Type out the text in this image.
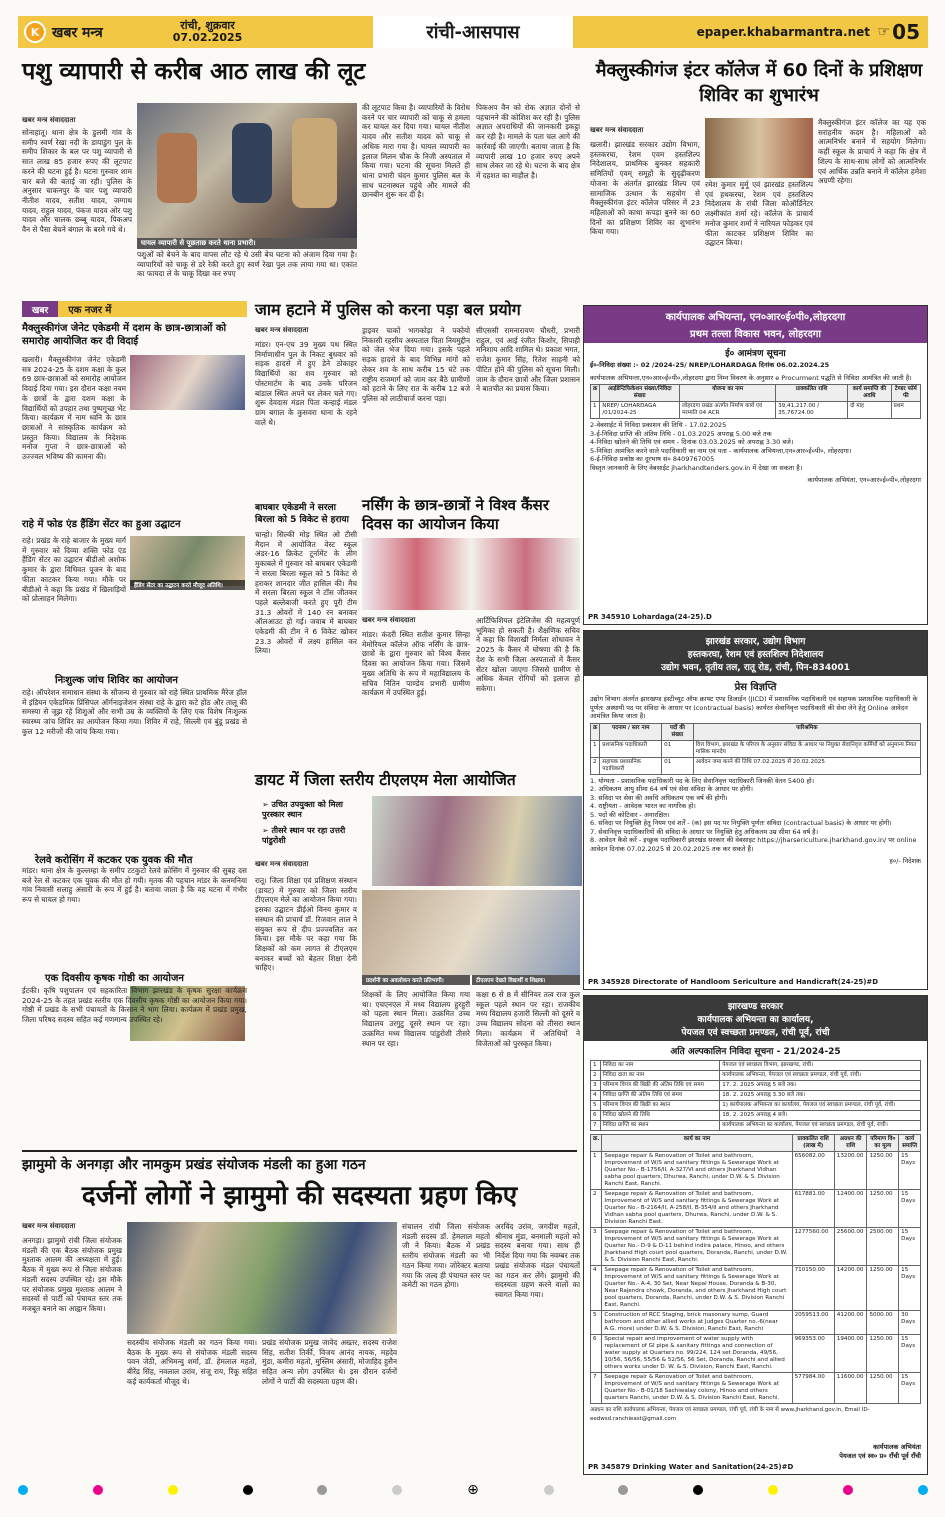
K खबर मन्त्र	रांची, शुक्रवार
07.02.2025	रांची-आसपास	epaper.khabarmantra.net ☞ 05
पशु व्यापारी से करीब आठ लाख की लूट
खबर मन्त्र संवाददाता
सोनाहातू। थाना क्षेत्र के डुलमी गांव के समीप स्वर्ण रेखा नदी के डायाडुंग पुल के समीप शिकार के बल पर पशु व्यापारी से सात लाख 85 हजार रुपए की लूटपाट करने की घटना हुई है। घटना गुरुवार शाम चार बजे की बताई जा रही। पुलिस के अनुसार चाकनपुर के चार पशु व्यापारी नीतीश यादव, सतीश यादव, जग्गाथ यादव, राहुल यादव, पंकज यादव ओर पशु यादव और चालक छब्बू यादव, पिकअप वैन से पैसा बेचने बंगाल के बरमे गये थे।
घायल व्यापारी से पूछताछ करते थाना प्रभारी।
पशुओं को बेचने के बाद वापस लौट रहे थे उसी बेच घटना को अंजाम दिया गया है। व्यापारियों को चाकू से डरे रेकी करते हुए स्वर्ण रेखा पुल तक लाया गया था। एकांत का फायदा ले के चाकू दिखा कर रुपए
की लूटपाट किया है। व्यापारियों के विरोध करने पर चार व्यापारी को चाकू से हमला कर घायल कर दिया गया। घायल नीतीश यादव और सतीश यादव को चाकू से अधिक मारा गया है। घायल व्यापारी का इलाज मिलन चौक के निजी अस्पताल में किया गया। घटना की सूचना मिलते ही थाना प्रभारी चंदन कुमार पुलिस बल के साथ घटनास्थल पहुंचे और मामले की छानबीन शुरू कर दी है।
पिकअप वैन को रोक अज्ञात दोनों से पहचानने की कोशिश कर रही है। पुलिस अज्ञात अपराधियों की जानकारी इकट्ठा कर रही है। मामले के पता चल आगे की कार्रवाई की जाएगी। बताया जाता है कि व्यापारी लाख 10 हजार रुपए अपने साथ लेकर जा रहे थे। घटना के बाद क्षेत्र में दहशत का माहौल है।
मैक्लुस्कीगंज इंटर कॉलेज में 60 दिनों के प्रशिक्षण शिविर का शुभारंभ
खबर मन्त्र संवाददाता
खलारी। झारखंड सरकार उद्योग विभाग, हस्तकरघा, रेशम एवम हस्तशिल्प निदेशालय, प्राथमिक बुनकर सहकारी समितियों एवम् समूहों के सुदृढ़ीकरण योजना के अंतर्गत झारखंड शिल्प एवं सामाजिक उत्थान के सहयोग से मैक्लुस्कीगंज इंटर कॉलेज परिसर में 23 महिलाओं को काथा कपड़ा बुनने का 60 दिनों का प्रशिक्षण शिविर का शुभारंभ किया गया।
रमेश कुमार मुर्मू एवं झारखंड हस्तशिल्प एवं हथकरघा, रेशम एवं हस्तशिल्प निदेशालय के रांची जिला कोऑर्डिनेटर लक्ष्मीकांत शर्मा रहे। कॉलेज के प्राचार्य मनोज कुमार शर्मा ने नारियल फोड़कर एवं फीता काटकर प्रशिक्षण शिविर का उद्घाटन किया।
मैक्लुस्कीगंज इंटर कॉलेज का यह एक सराहनीय कदम है। महिलाओं को आत्मनिर्भर बनाने में सहयोग मिलेगा। कहीं स्कूल के प्राचार्य ने कहा कि क्षेत्र में शिल्प के साथ-साथ लोगों को आत्मनिर्भर एवं आर्थिक उन्नति बनाने में कॉलेज हमेशा अग्रणी रहेगा।
खबर	एक नजर में
मैक्लुस्कीगंज जेनेट एकेडमी में दशम के छात्र-छात्राओं को समारोह आयोजित कर दी विदाई
खलारी। मैक्लुस्कीगंज जेनेट एकेडमी सत्र 2024-25 के दशम कक्षा के कुल 69 छात्र-छात्राओं को समारोह आयोजन विदाई दिया गया। इस दौरान कक्षा नवम के छात्रों के द्वारा दशम कक्षा के विद्यार्थियों को उपहार तथा पुष्पगुच्छ भेंट किया। कार्यक्रम में नाम ध्वनि के छात्र छात्राओं ने सांस्कृतिक कार्यक्रम को प्रस्तुत किया। विद्यालय के निदेशक मनोज गुप्ता ने छात्र-छात्राओं को उज्ज्वल भविष्य की कामना की।
राहे में फोड एंड हैंडिंग सेंटर का हुआ उद्घाटन
हैंडिंग सेंटर का उद्घाटन करते मौजूद अतिथि।
राहे। प्रखंड के राहे बाजार के मुख्य मार्ग में गुरुवार को दिव्या शक्ति फोड एंड हैंडिंग सेंटर का उद्घाटन बीडीओ अशोक कुमार के द्वारा विधिवत पूजन के बाद फीता काटकर किया गया। मौके पर बीडीओ ने कहा कि प्रखंड में खिलाड़ियों को प्रोत्साहन मिलेगा।
निःशुल्क जांच शिविर का आयोजन
राहे। ऑपरेशन समाधान संस्था के सौजन्य से गुरुवार को राहे स्थित प्राथमिक मैरेज हॉल में इंडियन एकेडमिक प्रिंसिपल ऑर्गनाइजेशन संस्था राहे के द्वारा कटे होंठ और तालू की समस्या से जूझ रहे शिशुओं और सभी उम्र के व्यक्तियों के लिए एक विशेष निःशुल्क स्वास्थ्य जांच शिविर का आयोजन किया गया। शिविर में राहे, सिल्ली एवं बुंडू प्रखंड से कुल 12 मरीजों की जांच किया गया।
रेलवे करोसिंग में कटकर एक युवक की मौत
मांडर। थाना क्षेत्र के कुल्लम्हा के समीप टटकुटो रेलवे क्रोसिंग में गुरुवार की सुबह दस बजे रेल से कटकर एक युवक की मौत हो गयी। मृतक की पहचान मांडर के कनमनिया गांव निवासी सलाहु अंसारी के रूप में हुई है। बताया जाता है कि वह घटना में गंभीर रूप से घायल हो गया।
एक दिवसीय कृषक गोष्ठी का आयोजन
ईटकी। कृषि पशुपालन एवं सहकारिता विभाग झारखंड के कृषक सुरक्षा कार्यक्रम 2024-25 के तहत प्रखंड स्तरीय एक दिवसीय कृषक गोष्ठी का आयोजन किया गया। गोष्ठी में प्रखंड के सभी पंचायतों के किसान ने भाग लिया। कार्यक्रम में प्रखंड प्रमुख, जिला परिषद सदस्य सहित कई गणमान्य उपस्थित रहे।
जाम हटाने में पुलिस को करना पड़ा बल प्रयोग
खबर मन्त्र संवाददाता
मांडर। एन-एच 39 मुख्य पथ स्थित निर्माणाधीन पुल के निकट बुधवार को सड़क हादसे में हुए डेने ठोकाहर विद्यार्थियों का शव गुरुवार को पोस्टमार्टम के बाद उनके परिजन बांडाल स्थित अपने घर लेकर चले गए। शुरू देवदास मंडल पिता कन्हाई मंडल ग्राम बगाल के कुसवरा थाना के रहने वाले थे।
ड्राइवर चाकों भागकोड़ा ने पकोयो निकासी रहसीय अस्पताल पिता नियमुद्दीन को जेल भेज दिया गया। इसके पहले सड़क हादसे के बाद विभिन्न मांगों को लेकर शव के साथ करीब 15 घंटे तक राष्ट्रीय राजमार्ग को जाम कर बैठे ग्रामीणों को हटाने के लिए रात के करीब 12 बजे पुलिस को लाठीचार्ज करना पड़ा।
सीएससी रामनारायण चौधरी, प्रभारी राहुल, एवं आई रंजीत किशोर, सिपाही मनिशाय आदि शामिल थे। प्रकाश भगत, राजेश कुमार सिंह, रितेश साहनी को पीटित होने की पुलिस को सूचना मिली। जाम के दौरान छात्रों और जिला प्रशासन ने बातचीत का प्रयास किया।
बाघबार एकेडमी ने सरला बिरला को 5 विकेट से हराया
चान्हो। सिल्की मोड़ स्थित ओ टीसी मैदान में आयोजित वेस्ट स्कूल अंडर-16 क्रिकेट टूर्नामेंट के लीग मुकाबले में गुरुवार को बाघबार एकेडमी ने सरला बिरला स्कूल को 5 विकेट से हराकर शानदार जीत हासिल की। मैच में सरला बिरला स्कूल ने टॉस जीतकर पहले बल्लेबाजी करते हुए पूरी टीम 31.3 ओवरों में 140 रन बनाकर ऑलआउट हो गई। जवाब में बाघबार एकेडमी की टीम ने 6 विकेट खोकर 23.3 ओवरों में लक्ष्य हासिल कर लिया।
नर्सिंग के छात्र-छात्रों ने विश्व कैंसर दिवस का आयोजन किया
खबर मन्त्र संवाददाता
मांडर। कंदरी स्थित सतीश कुमार सिन्हा मेमोरियल कॉलेज ऑफ नर्सिंग के छात्र-छात्रों के द्वारा गुरुवार को विश्व कैंसर दिवस का आयोजन किया गया। जिसमें मुख्य अतिथि के रूप में महाविद्यालय के सचिव नितिन पाण्डेय प्रभारी ग्रामीण कार्यक्रम में उपस्थित हुई।
आर्टिफिशियल इंटेलिजेंस की महत्वपूर्ण भूमिका हो सकती है। शैक्षणिक सचिव ने कहा कि विशाखी निर्मला शोधावन ने 2025 के कैंसर में घोषणा की है कि देश के सभी जिला अस्पतालों में कैंसर सेंटर खोला जाएगा जिससे ग्रामीण से अधिक केवल रोगियों को इलाज हो सकेगा।
डायट में जिला स्तरीय टीएलएम मेला आयोजित
➢ उचित उपयुक्ता को मिला पुरस्कार स्थान
➢ तीसरे स्थान पर रहा उत्तरी पांडुरोशी
खबर मन्त्र संवाददाता
रातू। जिला शिक्षा एवं प्रशिक्षण संस्थान (डायट) में गुरुवार को जिला स्तरीय टीएलएम मेले का आयोजन किया गया। इसका उद्घाटन डीईओ विनय कुमार व संस्थान की प्राचार्य डॉ. रिजवान लाल ने संयुक्त रूप से दीप प्रज्ज्वलित कर किया। इस मौके पर कहा गया कि शिक्षकों को कम लागत से टीएलएम बनाकर बच्चों को बेहतर शिक्षा देनी चाहिए।
प्रदर्शनी का अवलोकन करते प्रतिभागी।	टीएलएम देखते विद्यार्थी व शिक्षक।
शिक्षकों के लिए आयोजित किया गया था। एचएनएल में मध्य विद्यालय हुरहुरी को पहला स्थान मिला। उत्क्रमित उच्च विद्यालय उरगुटु दूसरे स्थान पर रहा। उत्क्रमित मध्य विद्यालय पांडुरोशी तीसरे स्थान पर रहा।
कक्षा 6 से 8 में सीनियर तत्व राज कुल स्कूल पहले स्थान पर रहा। राजकीय मध्य विद्यालय हजारी सिल्ली को दूसरे व उच्च विद्यालय सोदना को तीसरा स्थान मिला। कार्यक्रम में अतिथियों ने विजेताओं को पुरस्कृत किया।
झामुमो के अनगड़ा और नामकुम प्रखंड संयोजक मंडली का हुआ गठन
दर्जनों लोगों ने झामुमो की सदस्यता ग्रहण किए
खबर मन्त्र संवाददाता
अनगड़ा। झामुमो रांची जिला संयोजक मंडली की एक बैठक संयोजक प्रमुख मुश्ताक आलम की अध्यक्षता में हुई। बैठक में मुख्य रूप से जिला संयोजक मंडली सदस्य उपस्थित रहे। इस मौके पर संयोजक प्रमुख मुश्ताक आलम ने सदस्यों से पार्टी को पंचायत स्तर तक मजबूत बनाने का आह्वान किया।
सदस्यीय संयोजक मंडली का गठन किया गया। बैठक के मुख्य रूप से संयोजक मंडली सदस्य पवन जेठी, अभिमन्यु शर्मा, डॉ. हेमलाल महतो, बीरेंद्र सिंह, नवलाल उरांव, संजू राय, रिंकू सहित कई कार्यकर्ता मौजूद थे।
प्रखंड संयोजक प्रमुख जावेद अख्तर, सदस्य राजेश सिंह, सतीश तिर्की, विजय आनंद नायक, महदेव मुंडा, कमीरा महतो, मुस्लिम अंसारी, मोजाहिद हुसैन सहित अन्य लोग उपस्थित थे। इस दौरान दर्जनों लोगों ने पार्टी की सदस्यता ग्रहण की।
संचालन रांची जिला संयोजक मंडली सदस्य डॉ. हेमलाल महतो जी ने किया। बैठक में प्रखंड स्तरीय संयोजक मंडली का भी गठन किया गया। जोरेक्टर बताया गया कि जल्द ही पंचायत स्तर पर कमेटी का गठन होगा।
अरविंद उरांव, जगदीश महतो, श्रीनाथ मुंडा, बनमाली महतो को सदस्य बनाया गया। साथ ही निर्देश दिया गया कि नवम्बर तक प्रखंड संयोजक मंडल पंचायतों का गठन कर लेंगे। झामुमो की सदस्यता ग्रहण करने वालों का स्वागत किया गया।
कार्यपालक अभियन्ता, एन०आर०ई०पी०,लोहरदगा
प्रथम तल्ला विकास भवन, लोहरदगा
ई० आमंत्रण सूचना
ई०-निविदा संख्या :- 02 /2024-25/ NREP/LOHARDAGA दिनांक 06.02.2024.25
कार्यपालक अभियन्ता,एन०आर०ई०पी०,लोहरदगा द्वारा निम्न विवरण के अनुसार e Procurment पद्धति से निविदा आमंत्रित की जाती है।
क्र	आईडेन्टिफिकेशन संख्या/निविदा संख्या	योजना का नाम	प्राक्कलित राशि	कार्य समाप्ति की अवधि	टेण्डर फॉर्म फी
1	NREP/ LOHARDAGA /01/2024-25	लोहरदगा प्रखंड अंतर्गत निर्माण कार्य एवं मरम्मति 04 ACR	39,41,217.00 / 35,76724.00	दो माह	प्रथम
2-वेबसाईट में निविदा प्रकाशन की तिथि - 17.02.2025
3-ई-निविदा प्राप्ति की अंतिम तिथि - 01.03.2025 अपराह्न 5.00 बजे तक
4-निविदा खोलने की तिथि एवं समय - दिनांक 03.03.2025 को अपराह्न 3.30 बजे।
5-निविदा आमंत्रित करने वाले पदाधिकारी का नाम एवं पता - कार्यपालक अभियन्ता,एन०आर०ई०पी०, लोहरदगा।
6-ई-निविदा प्रकोष्ठ का दूरभाष सं० 8409767005
विस्तृत जानकारी के लिए वेबसाईट jharkhandtenders.gov.in में देखा जा सकता है।
कार्यपालक अभियंता, एन०आर०ई०पी०,लोहरदगा
PR 345910 Lohardaga(24-25).D
झारखंड सरकार, उद्योग विभाग
हस्तकरघा, रेशम एवं हस्तशिल्प निदेशालय
उद्योग भवन, तृतीय तल, रातू रोड, रांची, पिन-834001
प्रेस विज्ञप्ति
उद्योग विभाग अंतर्गत झारखण्ड इंस्टीच्यूट ऑफ क्राफ्ट एण्ड डिजाईन (JICD) में प्रशासनिक पदाधिकारी एवं सहायक प्रशासनिक पदाधिकारी के पूर्णतः अस्थायी पद पर संविदा के आधार पर (contractual basis) कार्यरत सेवानिवृत्त पदाधिकारी की सेवा लेने हेतु Online आवेदन आमंत्रित किया जाता है।
क्र	पदनाम / स्तर नाम	पदों की संख्या	पारिश्रमिक
1	प्रशासनिक पदाधिकारी	01	वित्त विभाग, झारखंड के परिपत्र के अनुसार संविदा के आधार पर नियुक्त सेवानिवृत्त कर्मियों को अनुमान्य नियत मासिक मानदेय
2	सहायक प्रशासनिक पदाधिकारी	01	आवेदन जमा करने की तिथि 07.02.2025 से 20.02.2025
1. योग्यता - प्रशासनिक पदाधिकारी पद के लिए सेवानिवृत्त पदाधिकारी जिनकी वेतन 5400 हो।
2. अधिकतम आयु सीमा 64 वर्ष एवं सेवा संविदा के आधार पर होगी।
3. संविदा पर सेवा की अवधि अधिकतम एक वर्ष की होगी।
4. राष्ट्रीयता - आवेदक भारत का नागरिक हो।
5. पदों की कोटिवार - अनारक्षित।
6. संविदा पर नियुक्ति हेतु नियम एवं शर्तें - (क) इस पद पर नियुक्ति पूर्णतः संविदा (contractual basis) के आधार पर होगी।
7. सेवानिवृत्त पदाधिकारियों की संविदा के आधार पर नियुक्ति हेतु अधिकतम उम्र सीमा 64 वर्ष है।
8. आवेदन कैसे करें - इच्छुक पदाधिकारी झारखंड सरकार की वेबसाइट https://jharsericulture.jharkhand.gov.in/ पर online आवेदन दिनांक 07.02.2025 से 20.02.2025 तक कर सकते हैं।
ह०/- निदेशक
PR 345928 Directorate of Handloom Sericulture and Handicraft(24-25)#D
झारखण्ड सरकार
कार्यपालक अभियन्ता का कार्यालय,
पेयजल एवं स्वच्छता प्रमण्डल, रांची पूर्व, रांची
अति अल्पकालिन निविदा सूचना - 21/2024-25
1	निविदा का नाम	पेयजल एवं स्वच्छता विभाग, झारखण्ड, रांची।
2	निविदा दाता का नाम	कार्यपालक अभियन्ता, पेयजल एवं स्वच्छता प्रमण्डल, रांची पूर्व, रांची।
3	परिमाण विपत्र की बिक्री की अंतिम तिथि एवं समय	17. 2. 2025 अपराह्न 5 बजे तक।
4	निविदा प्राप्ति की अंतिम तिथि एवं समय	18. 2. 2025 अपराह्न 3.30 बजे तक।
5	परिमाण विपत्र की बिक्री का स्थान	1) कार्यपालक अभियन्ता का कार्यालय, पेयजल एवं स्वच्छता प्रमण्डल, रांची पूर्व, रांची।
6	निविदा खोलने की तिथि	18. 2. 2025 अपराह्न 4 बजे।
7	निविदा प्राप्ति का स्थान	कार्यपालक अभियन्ता का कार्यालय, पेयजल एवं स्वच्छता प्रमण्डल, रांची पूर्व, रांची।
क्र.	कार्य का नाम	प्राक्कलित राशि (लाख में)	अग्रधन की राशि	परिमाण वि० का मूल्य	कार्य समाप्ति
1	Seepage repair & Renovation of Toilet and bathroom, Improvement of W/S and sanitary fittings & Sewerage Work at Quarter No.- B-1756/II, A-327/VI and others Jharkhand Vidhan sabha pool quarters, Dhurwa, Ranchi, under D.W. & S. Division Ranchi East, Ranchi.	656082.00	13200.00	1250.00	15 Days
2	Seepage repair & Renovation of Toilet and bathroom, Improvement of W/S and sanitary fittings & Sewerage Work at Quarter No.- B-2164/II, A-258/II, B-354/II and others Jharkhand Vidhan sabha pool quarters, Dhurwa, Ranchi, under D.W. & S. Division Ranchi East.	617881.00	12400.00	1250.00	15 Days
3	Seepage repair & Renovation of Toilet and bathroom, Improvement of W/S and sanitary fittings & Sewerage Work at Quarter No.- D-9 & D-11 behind indira palace, Hinoo, and others Jharkhand High court pool quarters, Doranda, Ranchi, under D.W. & S. Division Ranchi East, Ranchi.	1277560.00	25600.00	2500.00	15 Days
4	Seepage repair & Renovation of Toilet and bathroom, Improvement of W/S and sanitary fittings & Sewerage Work at Quarter No.- A-4, 30 Set, Near Nepal House, Doranda & B-30, Near Rajendra chowk, Doranda, and others Jharkhand High court pool quarters, Doranda, Ranchi, under D.W. & S. Division Ranchi East, Ranchi.	710150.00	14200.00	1250.00	15 Days
5	Construction of RCC Staging, brick masonary sump, Guard bathroom and other allied works at Judges Quarter no.-6(near A.G. more) under D.W. & S. Division, Ranchi East, Ranchi	2059513.00	41200.00	5000.00	30 Days
6	Special repair and improvement of water supply with replacement of GI pipe & sanitary fittings and connection of water supply at Quarters no. 99/224, 124 set Doranda, 49/56, 10/56, 56/56, 55/56 & 52/56, 56 Set, Doranda, Ranchi and allied others works under D. W. & S. Division, Ranchi East, Ranchi.	969353.00	19400.00	1250.00	15 Days
7	Seepage repair & Renovation of Toilet and bathroom, Improvement of W/S and sanitary fittings & Sewerage Work at Quarter No.- B-01/18 Sachiwalay colony, Hinoo and others quarters Ranchi, under D.W. & S. Division Ranchi East, Ranchi.	577984.00	11600.00	1250.00	15 Days
अग्रधन का राशि कार्यपालक अभियन्ता, पेयजल एवं स्वच्छता प्रमण्डल, रांची पूर्व, रांची के नाम से www.jharkhand.gov.in, Email ID-eedwsd.ranchieast@gmail.com
कार्यपालक अभियंता
पेयजल एवं स्व० प्र० राँची पूर्व राँची
PR 345879 Drinking Water and Sanitation(24-25)#D
⊕
